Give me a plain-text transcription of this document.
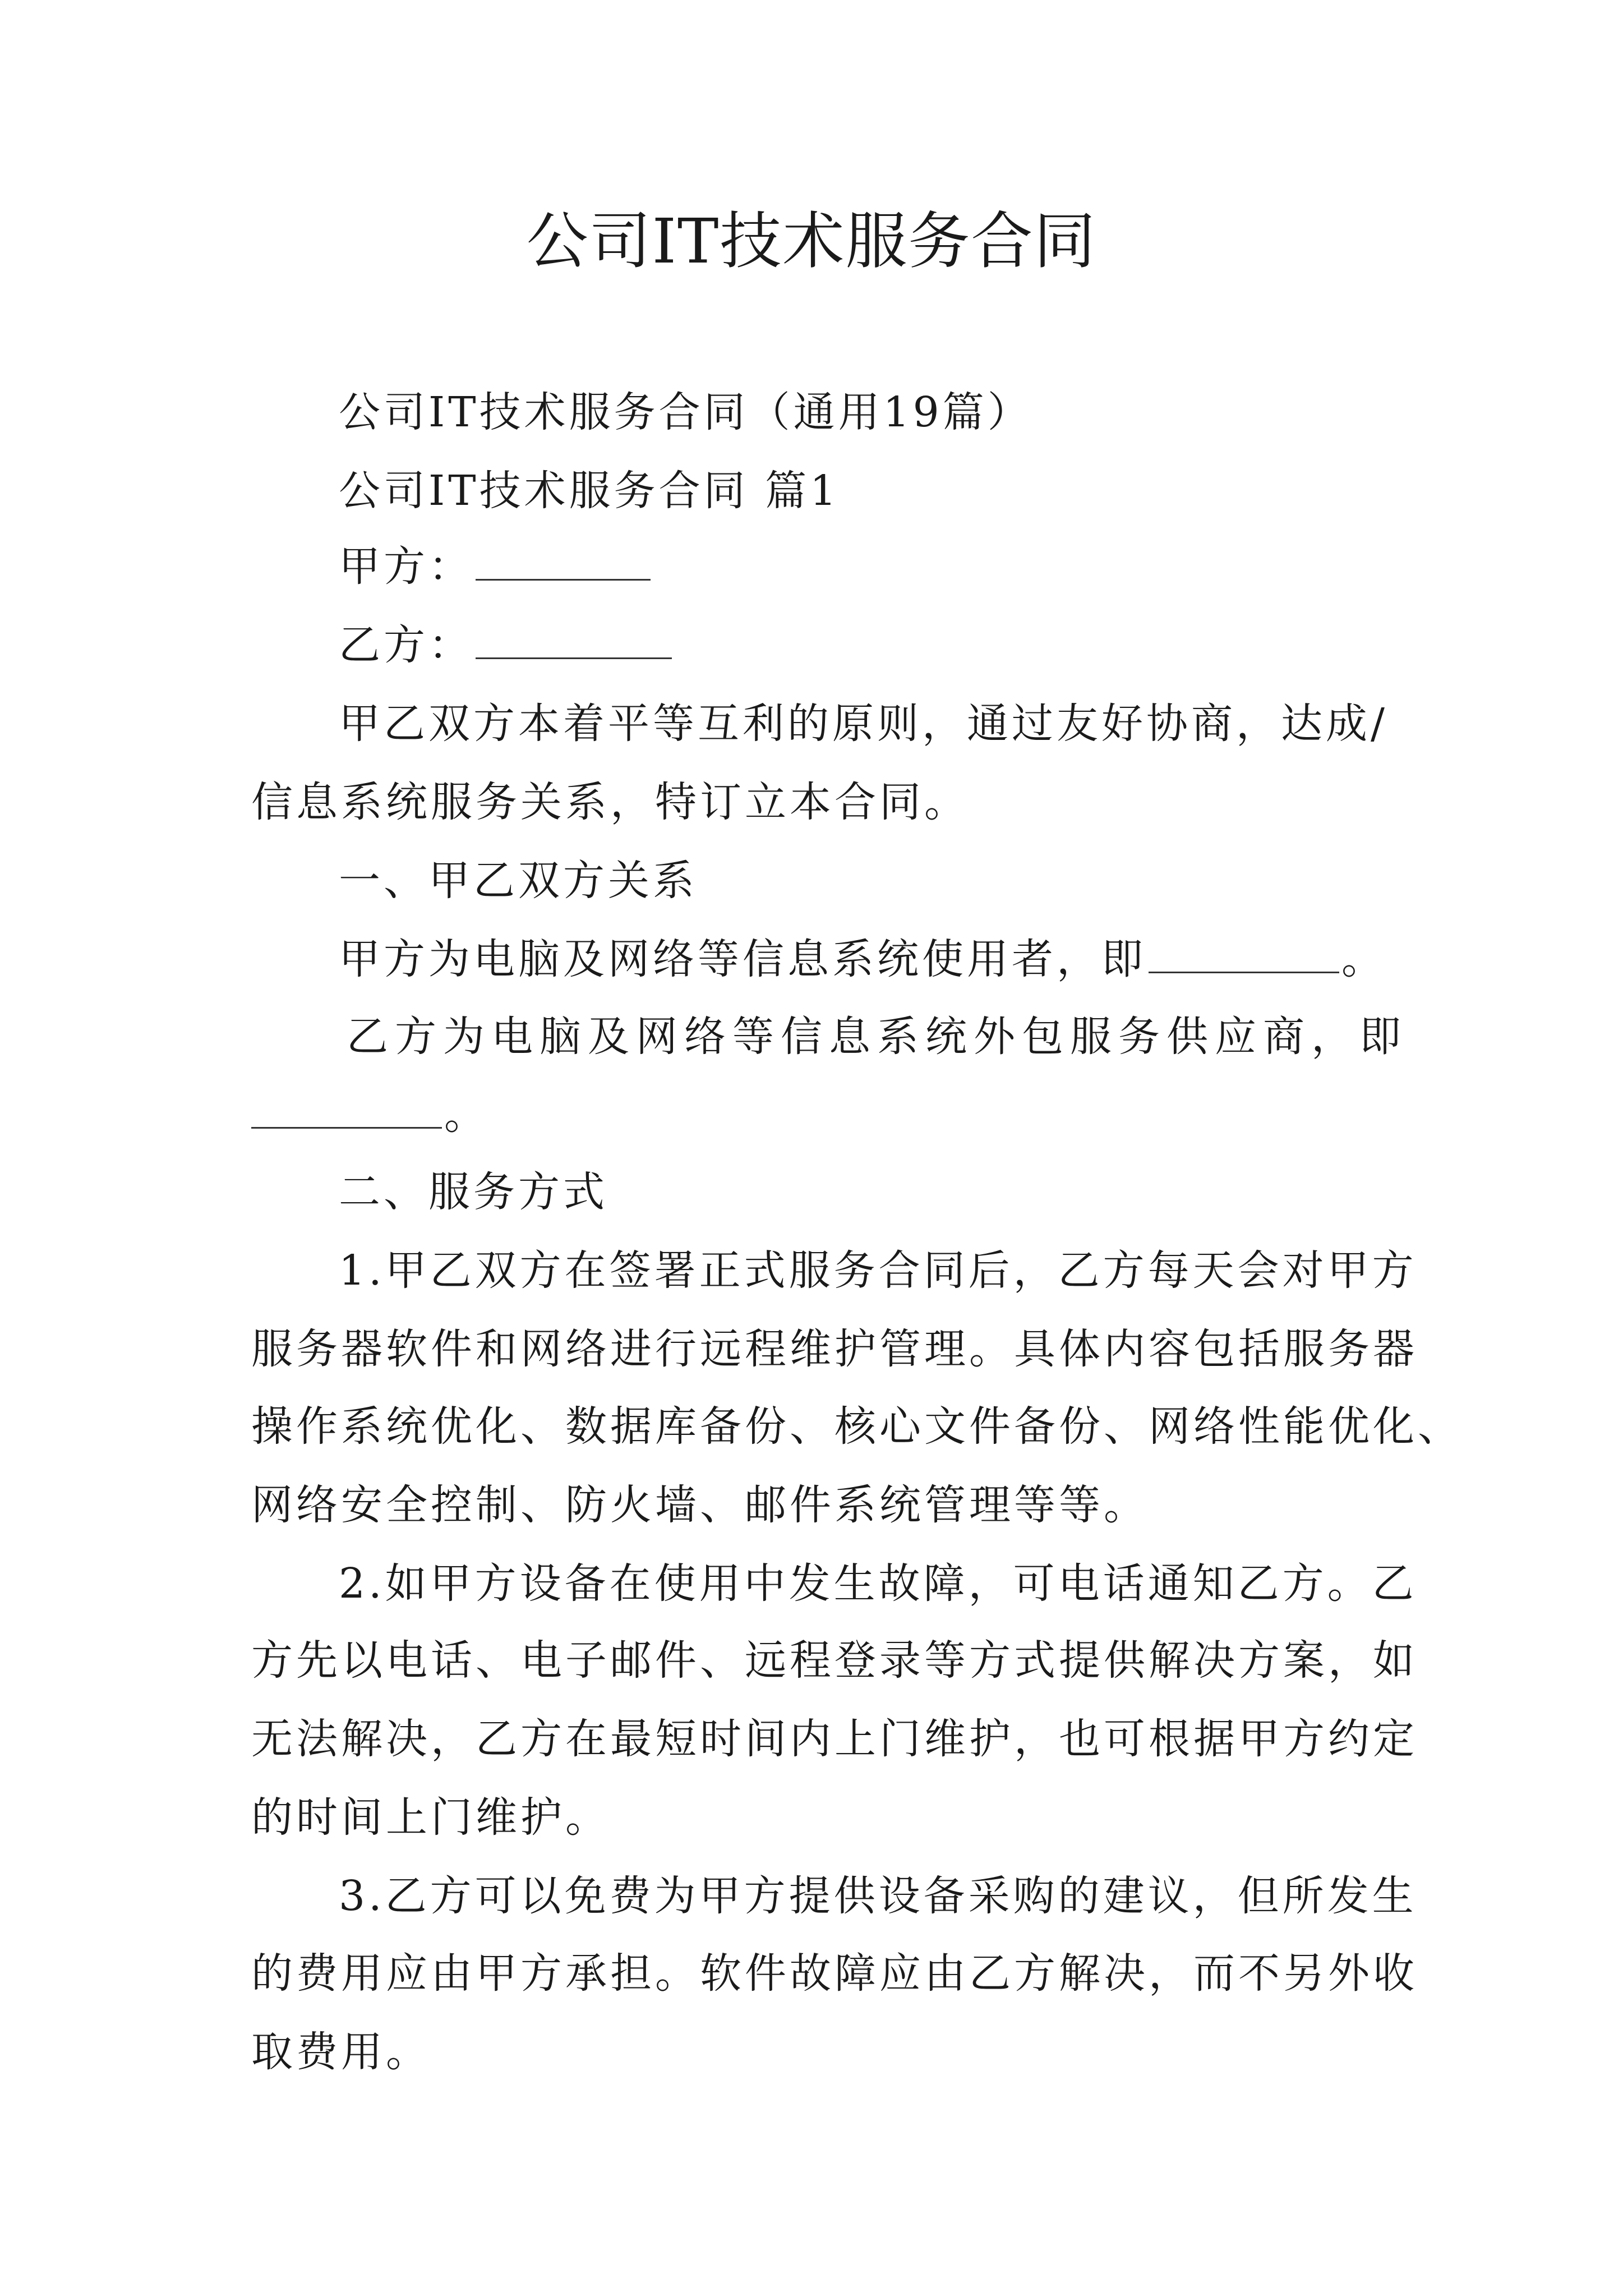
公司IT技术服务合同
公司IT技术服务合同（通用19篇）
公司IT技术服务合同 篇1
甲方：
乙方：
甲乙双方本着平等互利的原则，通过友好协商，达成/
信息系统服务关系，特订立本合同。
一、甲乙双方关系
甲方为电脑及网络等信息系统使用者，即	。
乙方为电脑及网络等信息系统外包服务供应商，即
。
二、服务方式
1.甲乙双方在签署正式服务合同后，乙方每天会对甲方
服务器软件和网络进行远程维护管理。具体内容包括服务器
操作系统优化、数据库备份、核心文件备份、网络性能优化、
网络安全控制、防火墙、邮件系统管理等等。
2.如甲方设备在使用中发生故障，可电话通知乙方。乙
方先以电话、电子邮件、远程登录等方式提供解决方案，如
无法解决，乙方在最短时间内上门维护，也可根据甲方约定
的时间上门维护。
3.乙方可以免费为甲方提供设备采购的建议，但所发生
的费用应由甲方承担。软件故障应由乙方解决，而不另外收
取费用。
